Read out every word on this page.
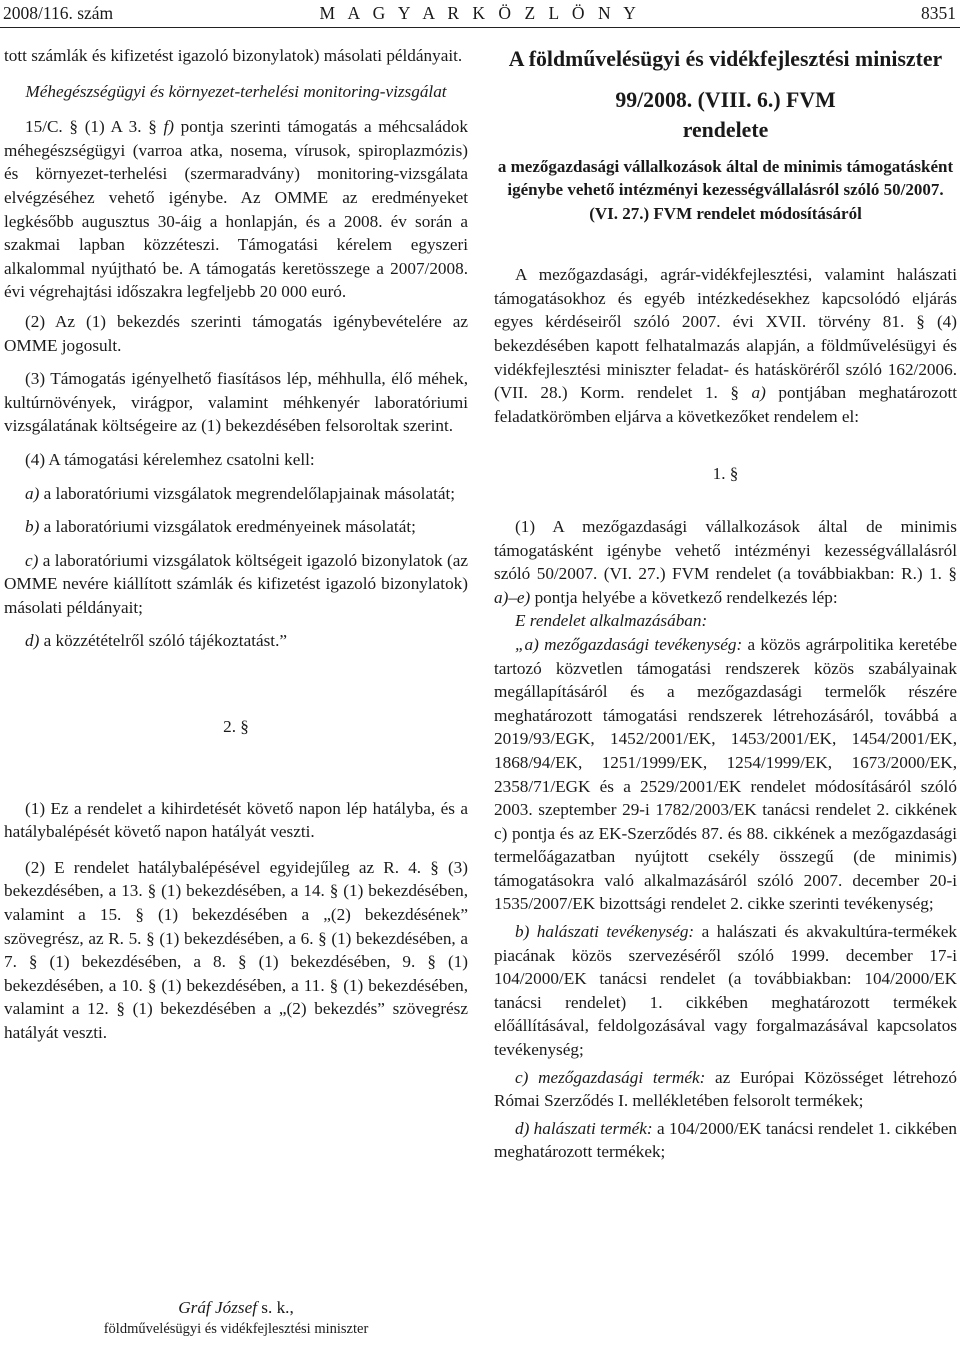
2008/116. szám	M A G Y A R K Ö Z L Ö N Y	8351

tott számlák és kifizetést igazoló bizonylatok) másolati példányait.

Méhegészségügyi és környezet-terhelési monitoring-vizsgálat

15/C. § (1) A 3. § f) pontja szerinti támogatás a méhcsaládok méhegészségügyi (varroa atka, nosema, vírusok, spiroplazmózis) és környezet-terhelési (szermaradvány) monitoring-vizsgálata elvégzéséhez vehető igénybe. Az OMME az eredményeket legkésőbb augusztus 30-áig a honlapján, és a 2008. év során a szakmai lapban közzéteszi. Támogatási kérelem egyszeri alkalommal nyújtható be. A támogatás keretösszege a 2007/2008. évi végrehajtási időszakra legfeljebb 20 000 euró.

(2) Az (1) bekezdés szerinti támogatás igénybevételére az OMME jogosult.

(3) Támogatás igényelhető fiasításos lép, méhhulla, élő méhek, kultúrnövények, virágpor, valamint méhkenyér laboratóriumi vizsgálatának költségeire az (1) bekezdésében felsoroltak szerint.

(4) A támogatási kérelemhez csatolni kell:

a) a laboratóriumi vizsgálatok megrendelőlapjainak másolatát;

b) a laboratóriumi vizsgálatok eredményeinek másolatát;

c) a laboratóriumi vizsgálatok költségeit igazoló bizonylatok (az OMME nevére kiállított számlák és kifizetést igazoló bizonylatok) másolati példányait;

d) a közzétételről szóló tájékoztatást.”

2. §

(1) Ez a rendelet a kihirdetését követő napon lép hatályba, és a hatálybalépését követő napon hatályát veszti.

(2) E rendelet hatálybalépésével egyidejűleg az R. 4. § (3) bekezdésében, a 13. § (1) bekezdésében, a 14. § (1) bekezdésében, valamint a 15. § (1) bekezdésében a „(2) bekezdésének” szövegrész, az R. 5. § (1) bekezdésében, a 6. § (1) bekezdésében, a 7. § (1) bekezdésében, a 8. § (1) bekezdésében, 9. § (1) bekezdésében, a 10. § (1) bekezdésében, a 11. § (1) bekezdésében, valamint a 12. § (1) bekezdésében a „(2) bekezdés” szövegrész hatályát veszti.

Gráf József s. k.,
földművelésügyi és vidékfejlesztési miniszter

A földművelésügyi és vidékfejlesztési miniszter

99/2008. (VIII. 6.) FVM

rendelete

a mezőgazdasági vállalkozások által de minimis támogatásként igénybe vehető intézményi kezességvállalásról szóló 50/2007. (VI. 27.) FVM rendelet módosításáról

A mezőgazdasági, agrár-vidékfejlesztési, valamint halászati támogatásokhoz és egyéb intézkedésekhez kapcsolódó eljárás egyes kérdéseiről szóló 2007. évi XVII. törvény 81. § (4) bekezdésében kapott felhatalmazás alapján, a földművelésügyi és vidékfejlesztési miniszter feladat- és hatásköréről szóló 162/2006. (VII. 28.) Korm. rendelet 1. § a) pontjában meghatározott feladatkörömben eljárva a következőket rendelem el:

1. §

(1) A mezőgazdasági vállalkozások által de minimis támogatásként igénybe vehető intézményi kezességvállalásról szóló 50/2007. (VI. 27.) FVM rendelet (a továbbiakban: R.) 1. § a)–e) pontja helyébe a következő rendelkezés lép:

E rendelet alkalmazásában:

„a) mezőgazdasági tevékenység: a közös agrárpolitika keretébe tartozó közvetlen támogatási rendszerek közös szabályainak megállapításáról és a mezőgazdasági termelők részére meghatározott támogatási rendszerek létrehozásáról, továbbá a 2019/93/EGK, 1452/2001/EK, 1453/2001/EK, 1454/2001/EK, 1868/94/EK, 1251/1999/EK, 1254/1999/EK, 1673/2000/EK, 2358/71/EGK és a 2529/2001/EK rendelet módosításáról szóló 2003. szeptember 29-i 1782/2003/EK tanácsi rendelet 2. cikkének c) pontja és az EK-Szerződés 87. és 88. cikkének a mezőgazdasági termelőágazatban nyújtott csekély összegű (de minimis) támogatásokra való alkalmazásáról szóló 2007. december 20-i 1535/2007/EK bizottsági rendelet 2. cikke szerinti tevékenység;

b) halászati tevékenység: a halászati és akvakultúra-termékek piacának közös szervezéséről szóló 1999. december 17-i 104/2000/EK tanácsi rendelet (a továbbiakban: 104/2000/EK tanácsi rendelet) 1. cikkében meghatározott termékek előállításával, feldolgozásával vagy forgalmazásával kapcsolatos tevékenység;

c) mezőgazdasági termék: az Európai Közösséget létrehozó Római Szerződés I. mellékletében felsorolt termékek;

d) halászati termék: a 104/2000/EK tanácsi rendelet 1. cikkében meghatározott termékek;
